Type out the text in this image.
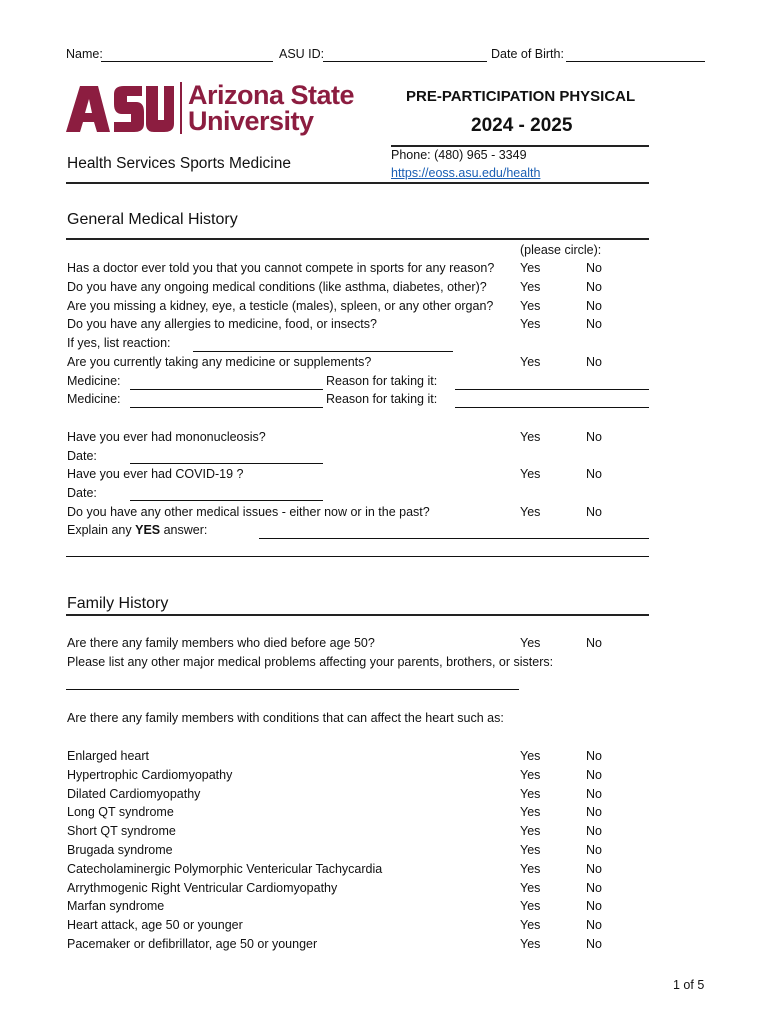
Name:	ASU ID:	Date of Birth:
Arizona State
University
PRE-PARTICIPATION PHYSICAL
2024 - 2025
Health Services Sports Medicine	Phone: (480) 965 - 3349
https://eoss.asu.edu/health
General Medical History
(please circle):
Has a doctor ever told you that you cannot compete in sports for any reason? Yes	No
Do you have any ongoing medical conditions (like asthma, diabetes, other)?	Yes	No
Are you missing a kidney, eye, a testicle (males), spleen, or any other organ? Yes	No
Do you have any allergies to medicine, food, or insects?	Yes	No
If yes, list reaction:
Are you currently taking any medicine or supplements?	Yes	No
Medicine:	Reason for taking it:
Medicine:	Reason for taking it:
Have you ever had mononucleosis?	Yes	No
Date:
Have you ever had COVID-19 ?	Yes	No
Date:
Do you have any other medical issues - either now or in the past?	Yes	No
Explain any YES answer:
Family History
Are there any family members who died before age 50?	Yes	No
Please list any other major medical problems affecting your parents, brothers, or sisters:
Are there any family members with conditions that can affect the heart such as:
Enlarged heart	Yes	No
Hypertrophic Cardiomyopathy	Yes	No
Dilated Cardiomyopathy	Yes	No
Long QT syndrome	Yes	No
Short QT syndrome	Yes	No
Brugada syndrome	Yes	No
Catecholaminergic Polymorphic Ventericular Tachycardia	Yes	No
Arrythmogenic Right Ventricular Cardiomyopathy	Yes	No
Marfan syndrome	Yes	No
Heart attack, age 50 or younger	Yes	No
Pacemaker or defibrillator, age 50 or younger	Yes	No
1 of 5
